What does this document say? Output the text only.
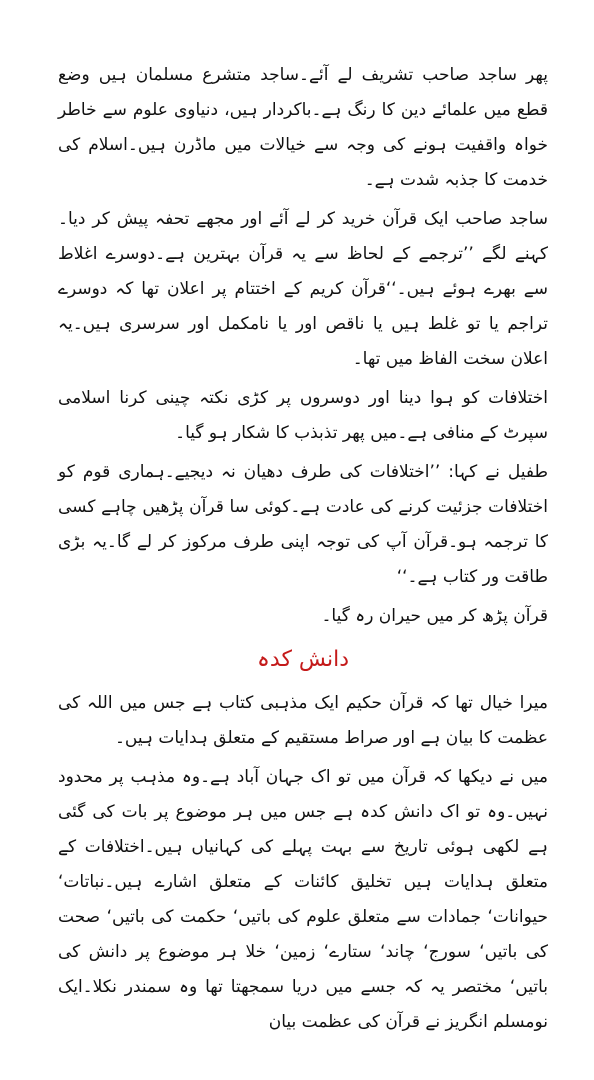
پھر ساجد صاحب تشریف لے آئے۔ساجد متشرع مسلمان ہیں وضع قطع میں علمائے دین کا رنگ ہے۔باکردار ہیں، دنیاوی علوم سے خاطر خواہ واقفیت ہونے کی وجہ سے خیالات میں ماڈرن ہیں۔اسلام کی خدمت کا جذبہ شدت ہے۔

ساجد صاحب ایک قرآن خرید کر لے آئے اور مجھے تحفہ پیش کر دیا۔کہنے لگے ’’ترجمے کے لحاظ سے یہ قرآن بہترین ہے۔دوسرے اغلاط سے بھرے ہوئے ہیں۔‘‘قرآن کریم کے اختتام پر اعلان تھا کہ دوسرے تراجم یا تو غلط ہیں یا ناقص اور یا نامکمل اور سرسری ہیں۔یہ اعلان سخت الفاظ میں تھا۔

اختلافات کو ہوا دینا اور دوسروں پر کڑی نکتہ چینی کرنا اسلامی سپرٹ کے منافی ہے۔میں پھر تذبذب کا شکار ہو گیا۔

طفیل نے کہا: ’’اختلافات کی طرف دھیان نہ دیجیے۔ہماری قوم کو اختلافات جزئیت کرنے کی عادت ہے۔کوئی سا قرآن پڑھیں چاہے کسی کا ترجمہ ہو۔قرآن آپ کی توجہ اپنی طرف مرکوز کر لے گا۔یہ بڑی طاقت ور کتاب ہے۔‘‘

قرآن پڑھ کر میں حیران رہ گیا۔

دانش کدہ

میرا خیال تھا کہ قرآن حکیم ایک مذہبی کتاب ہے جس میں اللہ کی عظمت کا بیان ہے اور صراط مستقیم کے متعلق ہدایات ہیں۔

میں نے دیکھا کہ قرآن میں تو اک جہان آباد ہے۔وہ مذہب پر محدود نہیں۔وہ تو اک دانش کدہ ہے جس میں ہر موضوع پر بات کی گئی ہے لکھی ہوئی تاریخ سے بہت پہلے کی کہانیاں ہیں۔اختلافات کے متعلق ہدایات ہیں تخلیق کائنات کے متعلق اشارے ہیں۔نباتات‘ حیوانات‘ جمادات سے متعلق علوم کی باتیں‘ حکمت کی باتیں‘ صحت کی باتیں‘ سورج‘ چاند‘ ستارے‘ زمین‘ خلا ہر موضوع پر دانش کی باتیں‘ مختصر یہ کہ جسے میں دریا سمجھتا تھا وہ سمندر نکلا۔ایک نومسلم انگریز نے قرآن کی عظمت بیان
